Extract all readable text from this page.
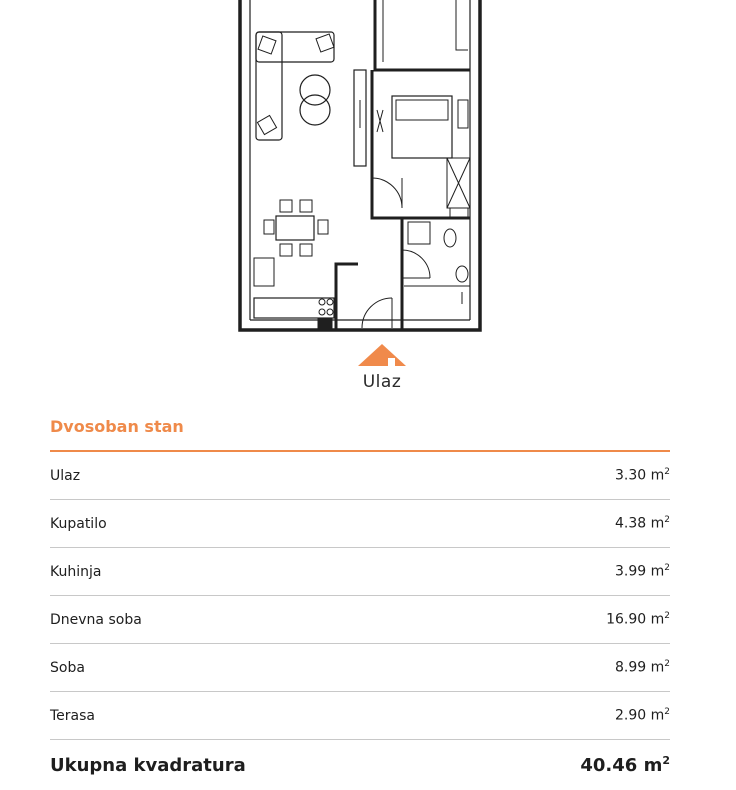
Ulaz
Dvosoban stan
Ulaz	3.30 $m^2$
Kupatilo	4.38 $m^2$
Kuhinja	3.99 $m^2$
Dnevna soba	16.90 $m^2$
Soba	8.99 $m^2$
Terasa	2.90 $m^2$
Ukupna kvadratura	40.46 $m^2$
